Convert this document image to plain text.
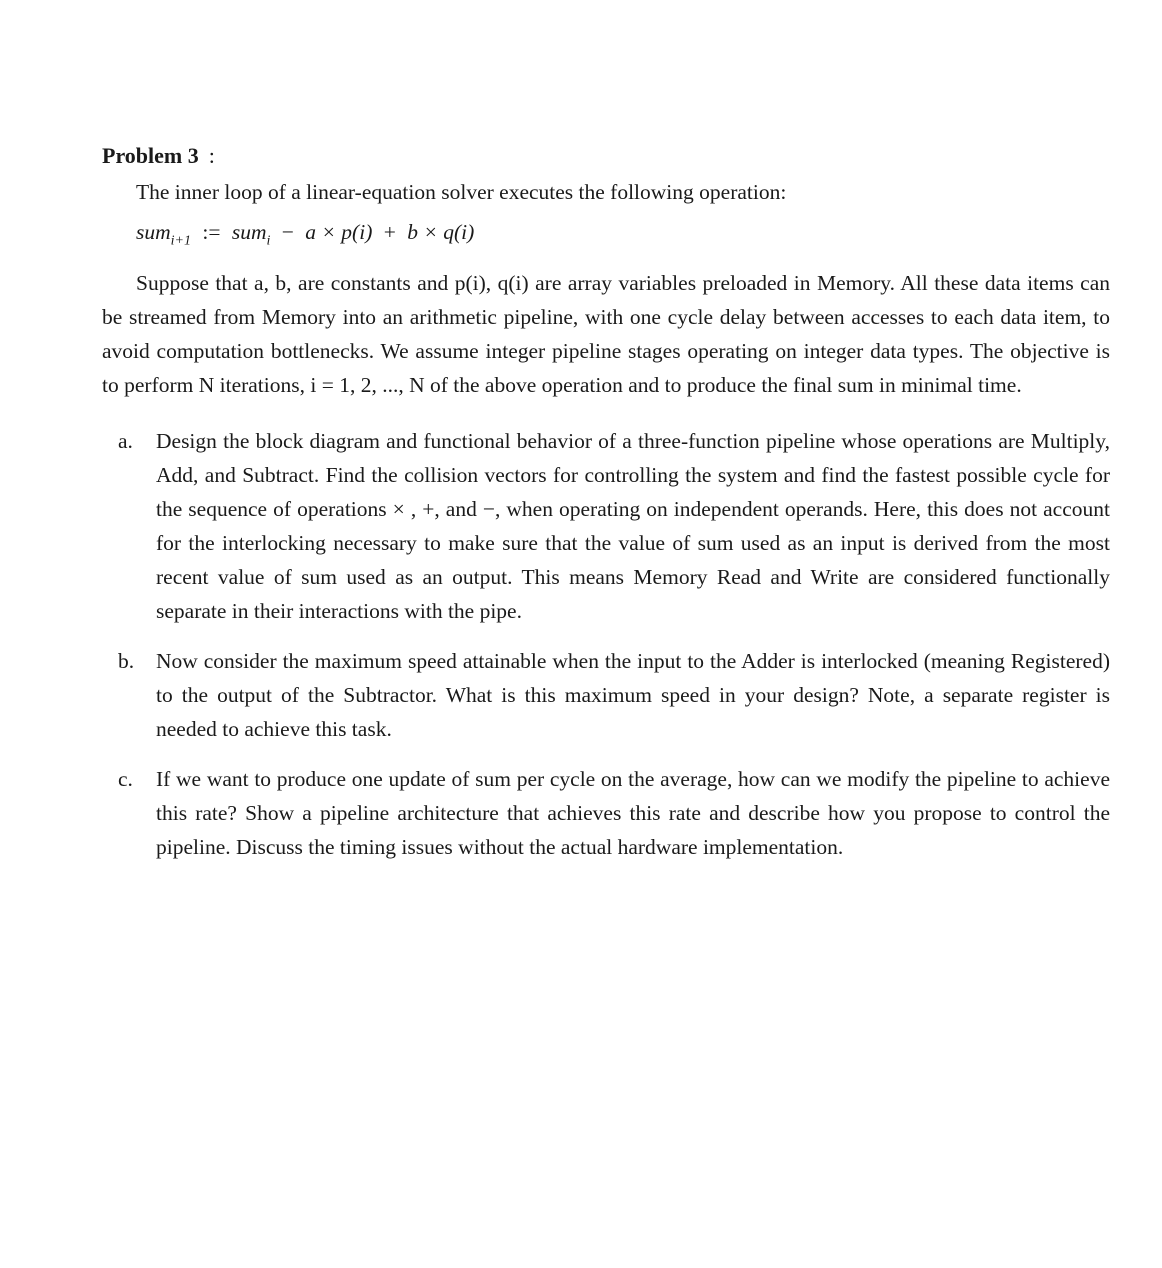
Problem 3 :

The inner loop of a linear-equation solver executes the following operation:

sum$_{i+1}$ := sum$_i$ − a × p(i) + b × q(i)

Suppose that a, b, are constants and p(i), q(i) are array variables preloaded in Memory. All these data items can be streamed from Memory into an arithmetic pipeline, with one cycle delay between accesses to each data item, to avoid computation bottlenecks. We assume integer pipeline stages operating on integer data types. The objective is to perform N iterations, i = 1, 2, ..., N of the above operation and to produce the final sum in minimal time.

a. Design the block diagram and functional behavior of a three-function pipeline whose operations are Multiply, Add, and Subtract. Find the collision vectors for controlling the system and find the fastest possible cycle for the sequence of operations × , +, and −, when operating on independent operands. Here, this does not account for the interlocking necessary to make sure that the value of sum used as an input is derived from the most recent value of sum used as an output. This means Memory Read and Write are considered functionally separate in their interactions with the pipe.
b. Now consider the maximum speed attainable when the input to the Adder is interlocked (meaning Registered) to the output of the Subtractor. What is this maximum speed in your design? Note, a separate register is needed to achieve this task.
c. If we want to produce one update of sum per cycle on the average, how can we modify the pipeline to achieve this rate? Show a pipeline architecture that achieves this rate and describe how you propose to control the pipeline. Discuss the timing issues without the actual hardware implementation.
